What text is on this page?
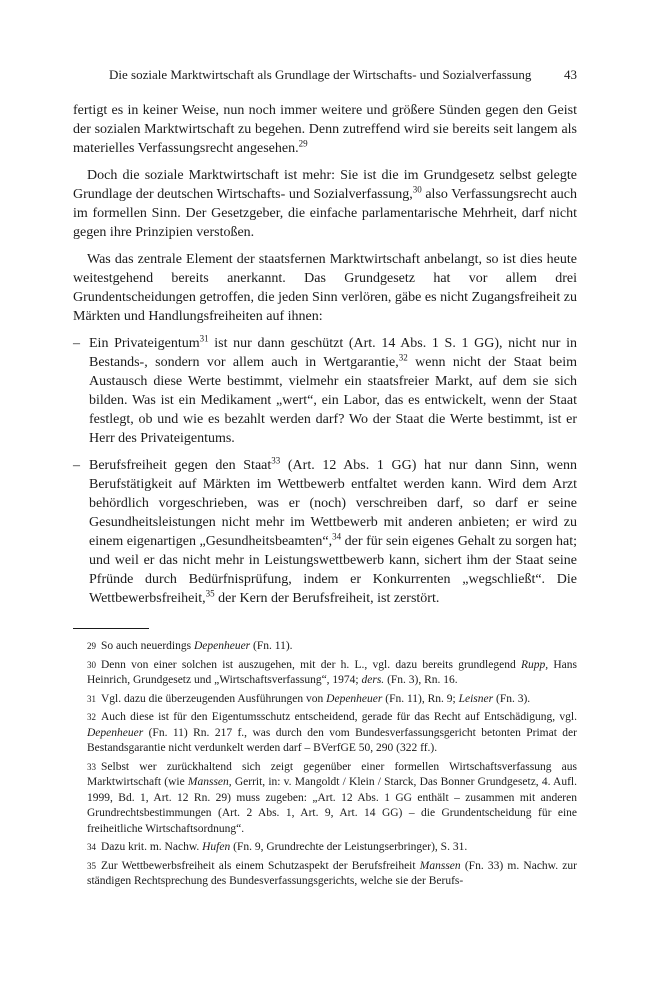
Die soziale Marktwirtschaft als Grundlage der Wirtschafts- und Sozialverfassung	43

fertigt es in keiner Weise, nun noch immer weitere und größere Sünden gegen den Geist der sozialen Marktwirtschaft zu begehen. Denn zutreffend wird sie bereits seit langem als materielles Verfassungsrecht angesehen.$^{29}$

Doch die soziale Marktwirtschaft ist mehr: Sie ist die im Grundgesetz selbst gelegte Grundlage der deutschen Wirtschafts- und Sozialverfassung,$^{30}$ also Verfassungsrecht auch im formellen Sinn. Der Gesetzgeber, die einfache parlamentarische Mehrheit, darf nicht gegen ihre Prinzipien verstoßen.

Was das zentrale Element der staatsfernen Marktwirtschaft anbelangt, so ist dies heute weitestgehend bereits anerkannt. Das Grundgesetz hat vor allem drei Grundentscheidungen getroffen, die jeden Sinn verlören, gäbe es nicht Zugangsfreiheit zu Märkten und Handlungsfreiheiten auf ihnen:

– Ein Privateigentum$^{31}$ ist nur dann geschützt (Art. 14 Abs. 1 S. 1 GG), nicht nur in Bestands-, sondern vor allem auch in Wertgarantie,$^{32}$ wenn nicht der Staat beim Austausch diese Werte bestimmt, vielmehr ein staatsfreier Markt, auf dem sie sich bilden. Was ist ein Medikament „wert“, ein Labor, das es entwickelt, wenn der Staat festlegt, ob und wie es bezahlt werden darf? Wo der Staat die Werte bestimmt, ist er Herr des Privateigentums.
– Berufsfreiheit gegen den Staat$^{33}$ (Art. 12 Abs. 1 GG) hat nur dann Sinn, wenn Berufstätigkeit auf Märkten im Wettbewerb entfaltet werden kann. Wird dem Arzt behördlich vorgeschrieben, was er (noch) verschreiben darf, so darf er seine Gesundheitsleistungen nicht mehr im Wettbewerb mit anderen anbieten; er wird zu einem eigenartigen „Gesundheitsbeamten“,$^{34}$ der für sein eigenes Gehalt zu sorgen hat; und weil er das nicht mehr in Leistungswettbewerb kann, sichert ihm der Staat seine Pfründe durch Bedürfnisprüfung, indem er Konkurrenten „wegschließt“. Die Wettbewerbsfreiheit,$^{35}$ der Kern der Berufsfreiheit, ist zerstört.

29 So auch neuerdings Depenheuer (Fn. 11).

30 Denn von einer solchen ist auszugehen, mit der h. L., vgl. dazu bereits grundlegend Rupp, Hans Heinrich, Grundgesetz und „Wirtschaftsverfassung“, 1974; ders. (Fn. 3), Rn. 16.

31 Vgl. dazu die überzeugenden Ausführungen von Depenheuer (Fn. 11), Rn. 9; Leisner (Fn. 3).

32 Auch diese ist für den Eigentumsschutz entscheidend, gerade für das Recht auf Entschädigung, vgl. Depenheuer (Fn. 11) Rn. 217 f., was durch den vom Bundesverfassungsgericht betonten Primat der Bestandsgarantie nicht verdunkelt werden darf – BVerfGE 50, 290 (322 ff.).

33 Selbst wer zurückhaltend sich zeigt gegenüber einer formellen Wirtschaftsverfassung aus Marktwirtschaft (wie Manssen, Gerrit, in: v. Mangoldt / Klein / Starck, Das Bonner Grundgesetz, 4. Aufl. 1999, Bd. 1, Art. 12 Rn. 29) muss zugeben: „Art. 12 Abs. 1 GG enthält – zusammen mit anderen Grundrechtsbestimmungen (Art. 2 Abs. 1, Art. 9, Art. 14 GG) – die Grundentscheidung für eine freiheitliche Wirtschaftsordnung“.

34 Dazu krit. m. Nachw. Hufen (Fn. 9, Grundrechte der Leistungserbringer), S. 31.

35 Zur Wettbewerbsfreiheit als einem Schutzaspekt der Berufsfreiheit Manssen (Fn. 33) m. Nachw. zur ständigen Rechtsprechung des Bundesverfassungsgerichts, welche sie der Berufs-
